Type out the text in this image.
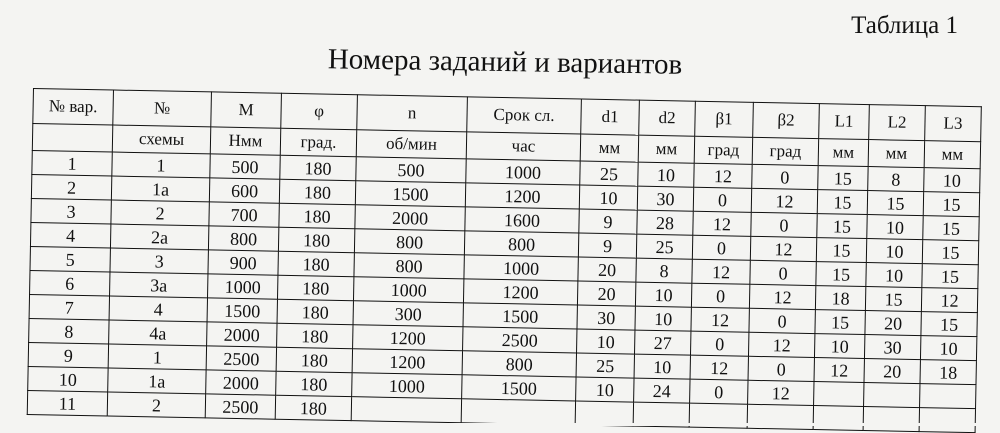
Таблица 1
Номера заданий и вариантов
№ вар.	№	M	φ	n	Срок сл.	d1	d2	β1	β2	L1	L2	L3
	схемы	Нмм	град.	об/мин	час	мм	мм	град	град	мм	мм	мм
1	1	500	180	500	1000	25	10	12	0	15	8	10
2	1a	600	180	1500	1200	10	30	0	12	15	15	15
3	2	700	180	2000	1600	9	28	12	0	15	10	15
4	2a	800	180	800	800	9	25	0	12	15	10	15
5	3	900	180	800	1000	20	8	12	0	15	10	15
6	3a	1000	180	1000	1200	20	10	0	12	18	15	12
7	4	1500	180	300	1500	30	10	12	0	15	20	15
8	4a	2000	180	1200	2500	10	27	0	12	10	30	10
9	1	2500	180	1200	800	25	10	12	0	12	20	18
10	1a	2000	180	1000	1500	10	24	0	12			
11	2	2500	180									
